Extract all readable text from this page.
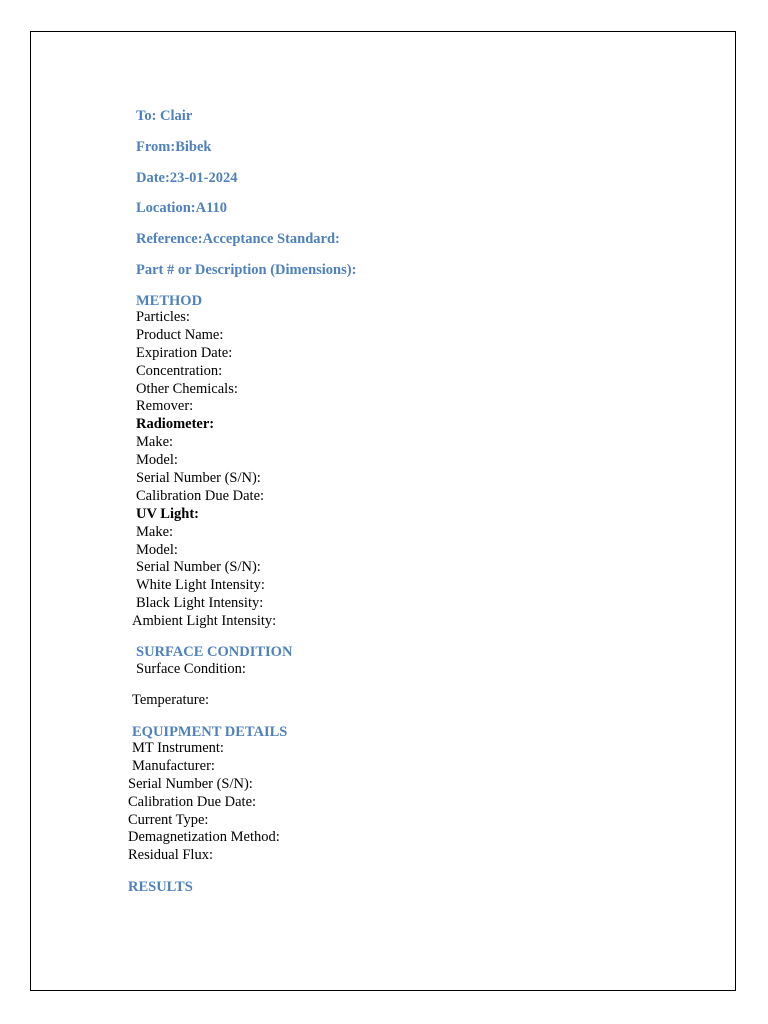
To: Clair
From:Bibek
Date:23-01-2024
Location:A110
Reference:Acceptance Standard:
Part # or Description (Dimensions):
METHOD
Particles:
Product Name:
Expiration Date:
Concentration:
Other Chemicals:
Remover:
Radiometer:
Make:
Model:
Serial Number (S/N):
Calibration Due Date:
UV Light:
Make:
Model:
Serial Number (S/N):
White Light Intensity:
Black Light Intensity:
Ambient Light Intensity:
SURFACE CONDITION
Surface Condition:
Temperature:
EQUIPMENT DETAILS
MT Instrument:
Manufacturer:
Serial Number (S/N):
Calibration Due Date:
Current Type:
Demagnetization Method:
Residual Flux:
RESULTS
